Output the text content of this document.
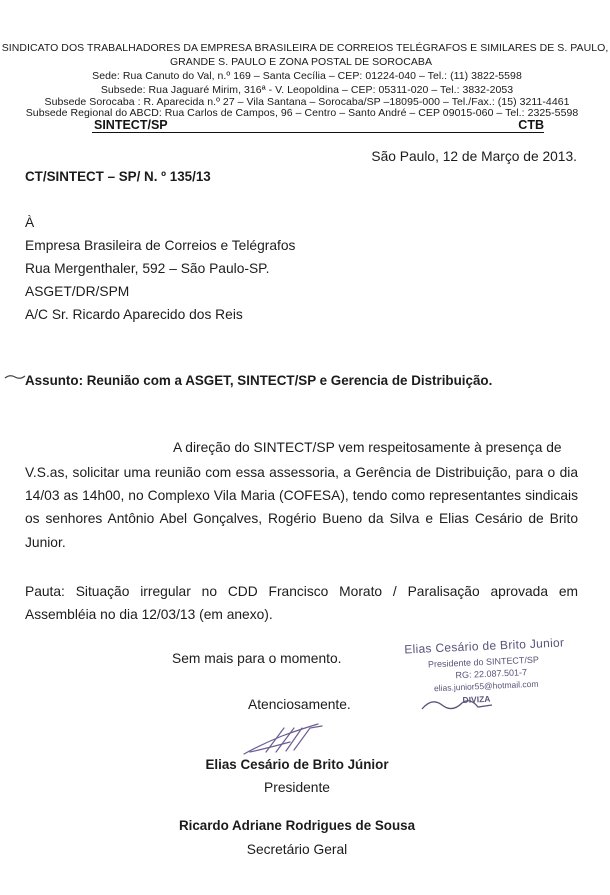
SINDICATO DOS TRABALHADORES DA EMPRESA BRASILEIRA DE CORREIOS TELÉGRAFOS E SIMILARES DE S. PAULO,
GRANDE S. PAULO E ZONA POSTAL DE SOROCABA
Sede: Rua Canuto do Val, n.º 169 – Santa Cecília – CEP: 01224-040 – Tel.: (11) 3822-5598
Subsede: Rua Jaguaré Mirim, 316ª - V. Leopoldina – CEP: 05311-020 – Tel.: 3832-2053
Subsede Sorocaba : R. Aparecida n.º 27 – Vila Santana – Sorocaba/SP –18095-000 – Tel./Fax.: (15) 3211-4461
Subsede Regional do ABCD: Rua Carlos de Campos, 96 – Centro – Santo André – CEP 09015-060 – Tel.: 2325-5598
SINTECT/SP	CTB
São Paulo, 12 de Março de 2013.
CT/SINTECT – SP/ N. º 135/13
À
Empresa Brasileira de Correios e Telégrafos
Rua Mergenthaler, 592 – São Paulo-SP.
ASGET/DR/SPM
A/C Sr. Ricardo Aparecido dos Reis
Assunto: Reunião com a ASGET, SINTECT/SP e Gerencia de Distribuição.
A direção do SINTECT/SP vem respeitosamente à presença de
V.S.as, solicitar uma reunião com essa assessoria, a Gerência de Distribuição, para o dia 14/03 as 14h00, no Complexo Vila Maria (COFESA), tendo como representantes sindicais os senhores Antônio Abel Gonçalves, Rogério Bueno da Silva e Elias Cesário de Brito Junior.
Pauta: Situação irregular no CDD Francisco Morato / Paralisação aprovada em Assembléia no dia 12/03/13 (em anexo).
Sem mais para o momento.
Atenciosamente.
Elias Cesário de Brito Junior
Presidente do SINTECT/SP
RG: 22.087.501-7
elias.junior55@hotmail.com
DIVIZA
Elias Cesário de Brito Júnior
Presidente
Ricardo Adriane Rodrigues de Sousa
Secretário Geral
